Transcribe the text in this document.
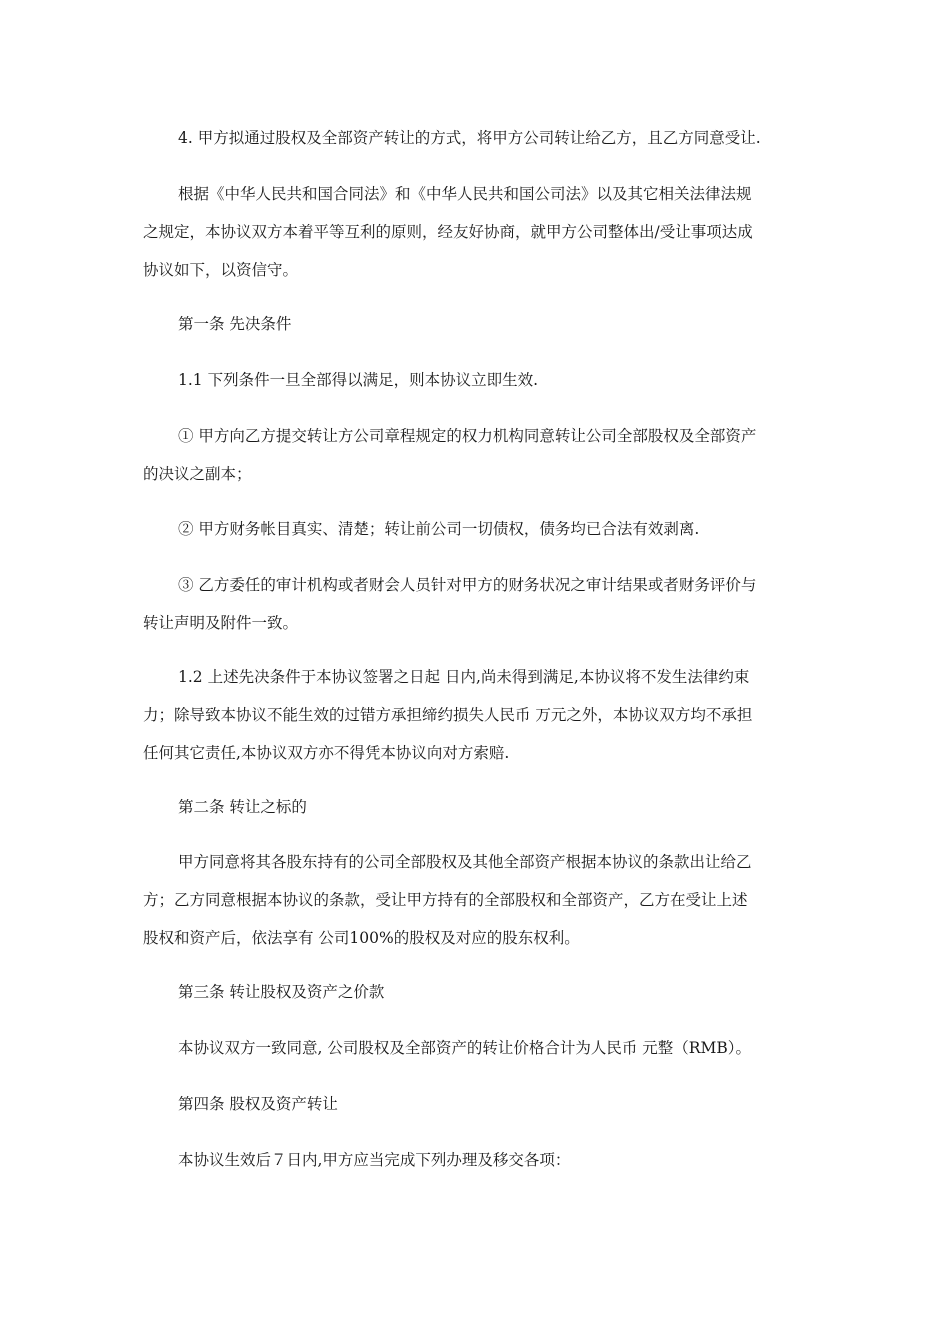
4. 甲方拟通过股权及全部资产转让的方式，将甲方公司转让给乙方，且乙方同意受让.

根据《中华人民共和国合同法》和《中华人民共和国公司法》以及其它相关法律法规
之规定，本协议双方本着平等互利的原则，经友好协商，就甲方公司整体出/受让事项达成
协议如下，以资信守。

第一条 先决条件

1.1 下列条件一旦全部得以满足，则本协议立即生效.

① 甲方向乙方提交转让方公司章程规定的权力机构同意转让公司全部股权及全部资产
的决议之副本；

② 甲方财务帐目真实、清楚；转让前公司一切债权，债务均已合法有效剥离.

③ 乙方委任的审计机构或者财会人员针对甲方的财务状况之审计结果或者财务评价与
转让声明及附件一致。

1.2 上述先决条件于本协议签署之日起 日内,尚未得到满足,本协议将不发生法律约束
力；除导致本协议不能生效的过错方承担缔约损失人民币 万元之外，本协议双方均不承担
任何其它责任,本协议双方亦不得凭本协议向对方索赔.

第二条 转让之标的

甲方同意将其各股东持有的公司全部股权及其他全部资产根据本协议的条款出让给乙
方；乙方同意根据本协议的条款，受让甲方持有的全部股权和全部资产，乙方在受让上述
股权和资产后，依法享有 公司100%的股权及对应的股东权利。

第三条 转让股权及资产之价款

本协议双方一致同意, 公司股权及全部资产的转让价格合计为人民币 元整（RMB）。

第四条 股权及资产转让

本协议生效后７日内,甲方应当完成下列办理及移交各项：
